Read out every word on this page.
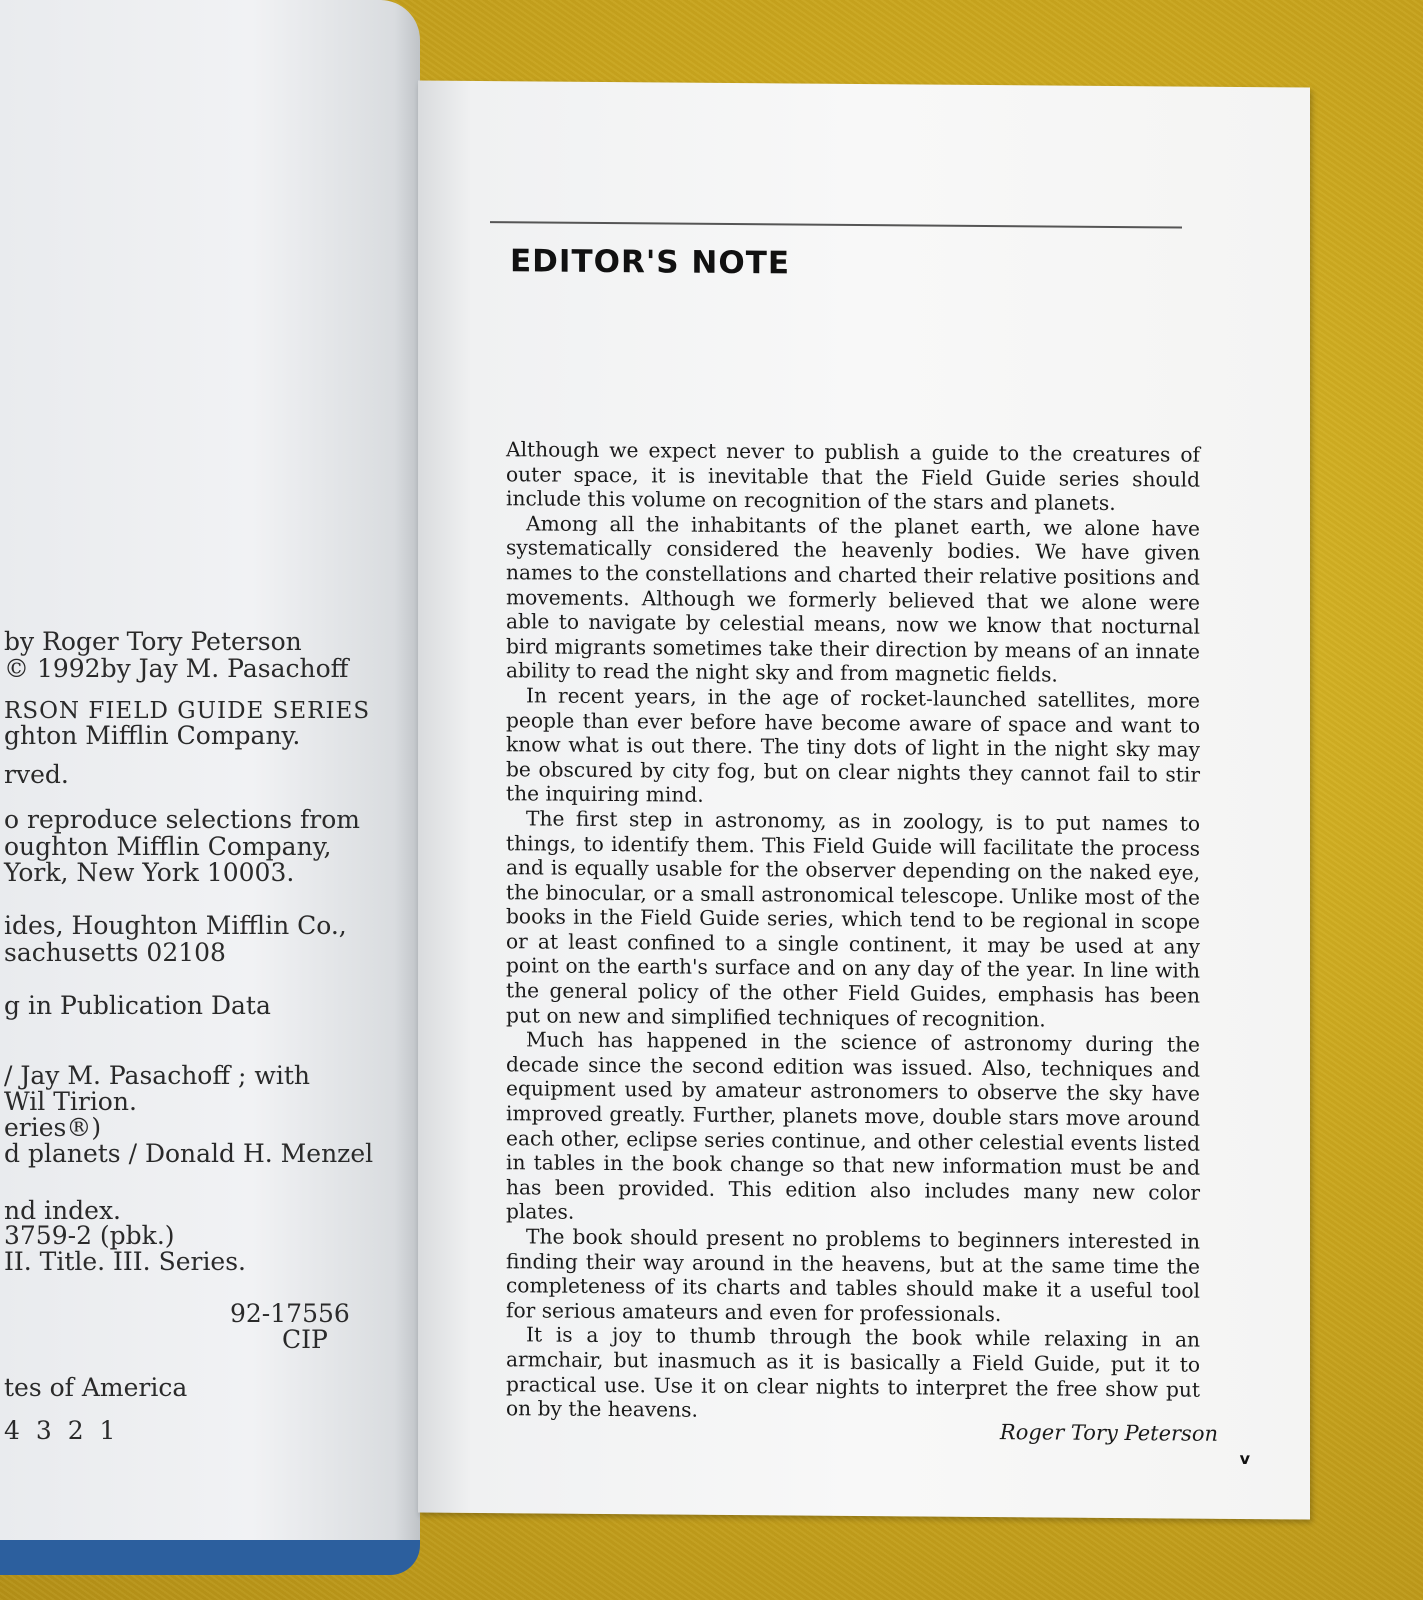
by Roger Tory Peterson
© 1992by Jay M. Pasachoff
RSON FIELD GUIDE SERIES
ghton Mifflin Company.
rved.
o reproduce selections from
oughton Mifflin Company,
York, New York 10003.
ides, Houghton Mifflin Co.,
sachusetts 02108
g in Publication Data
/ Jay M. Pasachoff ; with
Wil Tirion.
eries®)
d planets / Donald H. Menzel
nd index.
3759-2 (pbk.)
II. Title. III. Series.
92-17556
CIP
tes of America
4 3 2 1
EDITOR'S NOTE

Although we expect never to publish a guide to the creatures of outer space, it is inevitable that the Field Guide series should include this volume on recognition of the stars and planets.

Among all the inhabitants of the planet earth, we alone have systematically considered the heavenly bodies. We have given names to the constellations and charted their relative positions and movements. Although we formerly believed that we alone were able to navigate by celestial means, now we know that nocturnal bird migrants sometimes take their direction by means of an innate ability to read the night sky and from magnetic fields.

In recent years, in the age of rocket-launched satellites, more people than ever before have become aware of space and want to know what is out there. The tiny dots of light in the night sky may be obscured by city fog, but on clear nights they cannot fail to stir the inquiring mind.

The first step in astronomy, as in zoology, is to put names to things, to identify them. This Field Guide will facilitate the process and is equally usable for the observer depending on the naked eye, the binocular, or a small astronomical telescope. Unlike most of the books in the Field Guide series, which tend to be regional in scope or at least confined to a single continent, it may be used at any point on the earth's surface and on any day of the year. In line with the general policy of the other Field Guides, emphasis has been put on new and simplified techniques of recognition.

Much has happened in the science of astronomy during the decade since the second edition was issued. Also, techniques and equipment used by amateur astronomers to observe the sky have improved greatly. Further, planets move, double stars move around each other, eclipse series continue, and other celestial events listed in tables in the book change so that new information must be and has been provided. This edition also includes many new color plates.

The book should present no problems to beginners interested in finding their way around in the heavens, but at the same time the completeness of its charts and tables should make it a useful tool for serious amateurs and even for professionals.

It is a joy to thumb through the book while relaxing in an armchair, but inasmuch as it is basically a Field Guide, put it to practical use. Use it on clear nights to interpret the free show put on by the heavens.

Roger Tory Peterson
v
